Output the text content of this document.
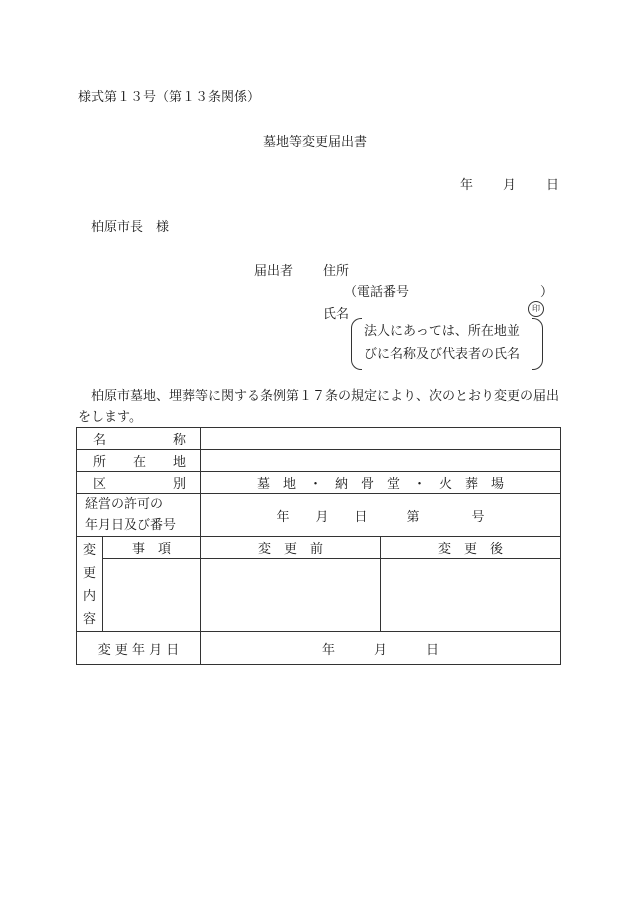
様式第１３号（第１３条関係）
墓地等変更届出書
年 月 日
柏原市長　様
届出者 住所
（電話番号	）
氏名	印
法人にあっては、所在地並
びに名称及び代表者の氏名
柏原市墓地、埋葬等に関する条例第１７条の規定により、次のとおり変更の届出をします。
名 称			

所 在 地			

区 別		墓　地　・　納　骨　堂　・　火　葬　場	

経営の許可の
年月日及び番号		年　　月　　日　　　第　　　　号	

変
更
内
容	事　項	変　更　前	変　更　後

変 更 年 月 日		年　　　月　　　日	
